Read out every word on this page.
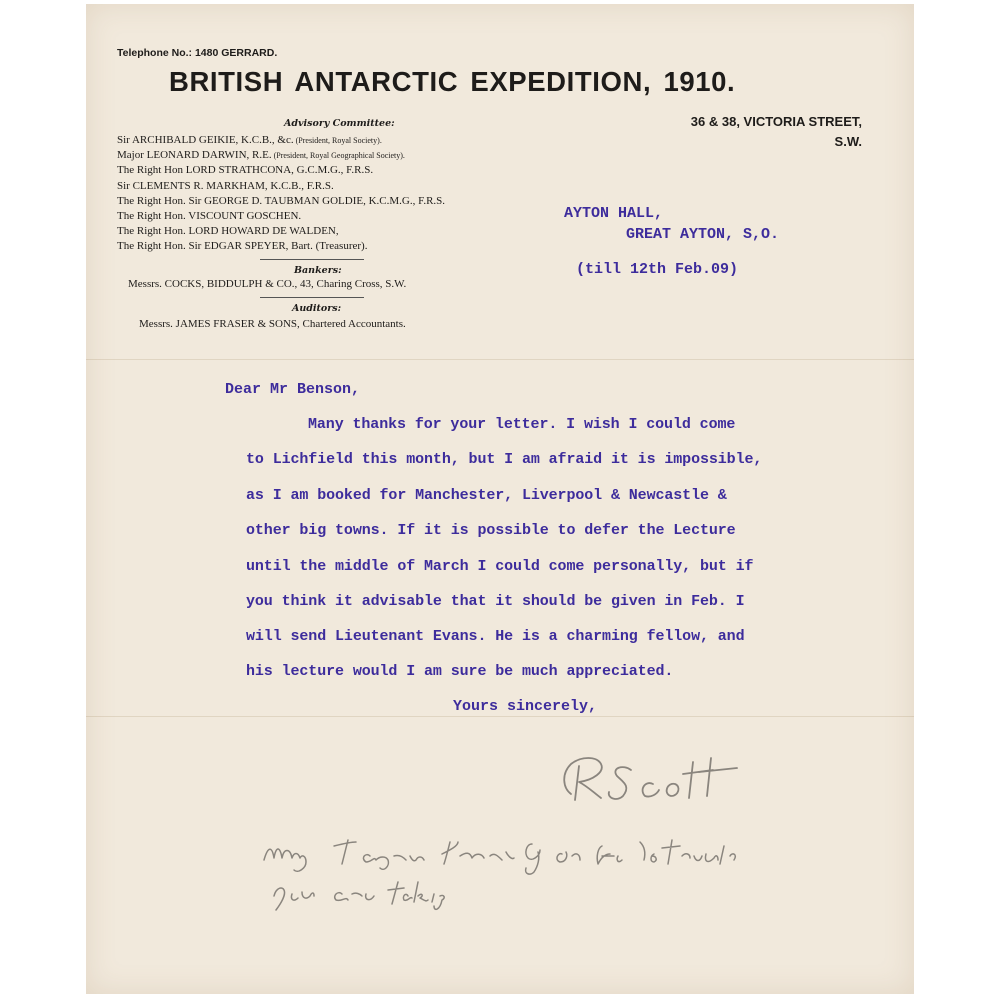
Telephone No.: 1480 GERRARD.
BRITISH ANTARCTIC EXPEDITION, 1910.
36 & 38, VICTORIA STREET,
S.W.
Advisory Committee:
Sir ARCHIBALD GEIKIE, K.C.B., &c. (President, Royal Society).
Major LEONARD DARWIN, R.E. (President, Royal Geographical Society).
The Right Hon LORD STRATHCONA, G.C.M.G., F.R.S.
Sir CLEMENTS R. MARKHAM, K.C.B., F.R.S.
The Right Hon. Sir GEORGE D. TAUBMAN GOLDIE, K.C.M.G., F.R.S.
The Right Hon. VISCOUNT GOSCHEN.
The Right Hon. LORD HOWARD DE WALDEN,
The Right Hon. Sir EDGAR SPEYER, Bart. (Treasurer).
Bankers:
Messrs. COCKS, BIDDULPH & CO., 43, Charing Cross, S.W.
Auditors:
Messrs. JAMES FRASER & SONS, Chartered Accountants.
AYTON HALL,
GREAT AYTON, S,O.
(till 12th Feb.09)
Dear Mr Benson,
Many thanks for your letter. I wish I could come
to Lichfield this month, but I am afraid it is impossible,
as I am booked for Manchester, Liverpool & Newcastle &
other big towns. If it is possible to defer the Lecture
until the middle of March I could come personally, but if
you think it advisable that it should be given in Feb. I
will send Lieutenant Evans. He is a charming fellow, and
his lecture would I am sure be much appreciated.
Yours sincerely,
